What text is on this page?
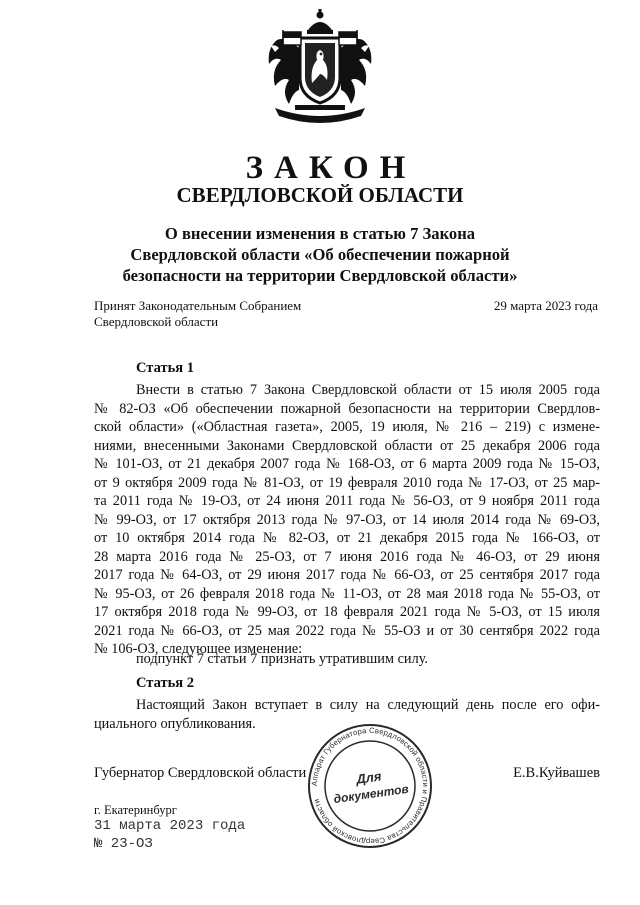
ЗАКОН
СВЕРДЛОВСКОЙ ОБЛАСТИ
О внесении изменения в статью 7 Закона
Свердловской области «Об обеспечении пожарной
безопасности на территории Свердловской области»
Принят Законодательным Собранием
Свердловской области
29 марта 2023 года
Статья 1
Внести в статью 7 Закона Свердловской области от 15 июля 2005 года
№ 82-ОЗ «Об обеспечении пожарной безопасности на территории Свердлов-
ской области» («Областная газета», 2005, 19 июля, № 216 – 219) с измене-
ниями, внесенными Законами Свердловской области от 25 декабря 2006 года
№ 101-ОЗ, от 21 декабря 2007 года № 168-ОЗ, от 6 марта 2009 года № 15-ОЗ,
от 9 октября 2009 года № 81-ОЗ, от 19 февраля 2010 года № 17-ОЗ, от 25 мар-
та 2011 года № 19-ОЗ, от 24 июня 2011 года № 56-ОЗ, от 9 ноября 2011 года
№ 99-ОЗ, от 17 октября 2013 года № 97-ОЗ, от 14 июля 2014 года № 69-ОЗ,
от 10 октября 2014 года № 82-ОЗ, от 21 декабря 2015 года № 166-ОЗ, от
28 марта 2016 года № 25-ОЗ, от 7 июня 2016 года № 46-ОЗ, от 29 июня
2017 года № 64-ОЗ, от 29 июня 2017 года № 66-ОЗ, от 25 сентября 2017 года
№ 95-ОЗ, от 26 февраля 2018 года № 11-ОЗ, от 28 мая 2018 года № 55-ОЗ, от
17 октября 2018 года № 99-ОЗ, от 18 февраля 2021 года № 5-ОЗ, от 15 июля
2021 года № 66-ОЗ, от 25 мая 2022 года № 55-ОЗ и от 30 сентября 2022 года
№ 106-ОЗ, следующее изменение:
подпункт 7 статьи 7 признать утратившим силу.
Статья 2
Настоящий Закон вступает в силу на следующий день после его офи-
циального опубликования.
Губернатор Свердловской области	Е.В.Куйвашев
г. Екатеринбург
31 марта 2023 года
№ 23-ОЗ
Аппарат Губернатора Свердловской области и Правительства Свердловской области
Для
документов
